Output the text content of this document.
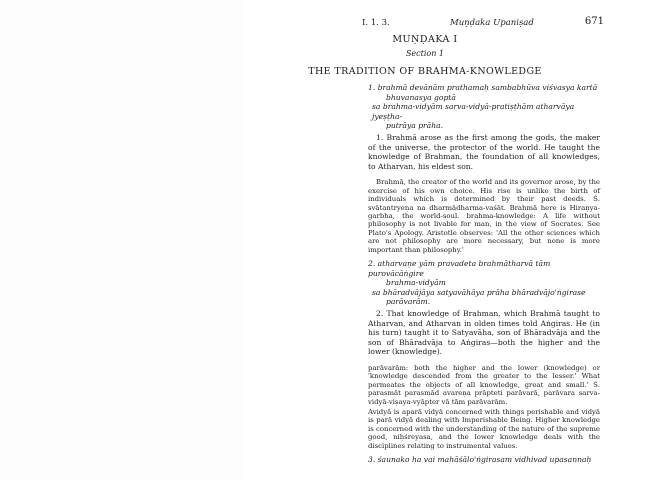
I. 1. 3.	Muṇḍaka Upaniṣad	671
MUṆḌAKA I
Section 1
THE TRADITION OF BRAHMA-KNOWLEDGE
1. brahmā devānām prathamaḥ sambabhūva viśvasya kartā
bhuvanasya goptā
sa brahma-vidyām sarva-vidyā-pratiṣṭhām atharvāya jyeṣṭha-
putrāya prāha.
1. Brahmā arose as the first among the gods, the maker of the universe, the protector of the world. He taught the knowledge of Brahman, the foundation of all knowledges, to Atharvan, his eldest son.
Brahmā, the creator of the world and its governor arose, by the exercise of his own choice. His rise is unlike the birth of individuals which is determined by their past deeds. Ś. svātantryeṇa na dharmādharma-vaśāt. Brahmā here is Hiraṇya-garbha, the world-soul. brahma-knowledge: A life without philosophy is not livable for man, in the view of Socrates. See Plato's Apology. Aristotle observes: 'All the other sciences which are not philosophy are more necessary, but none is more important than philosophy.'
2. atharvaṇe yām pravadeta brahmātharvā tām purovācāṅgire
brahma-vidyām
sa bhāradvājāya satyavāhāya prāha bhāradvājo'ṅgirase
parāvarām.
2. That knowledge of Brahman, which Brahmā taught to Atharvan, and Atharvan in olden times told Aṅgiras. He (in his turn) taught it to Satyavāha, son of Bhāradvāja and the son of Bhāradvāja to Aṅgiras—both the higher and the lower (knowledge).
parāvarām: both the higher and the lower (knowledge) or 'knowledge descended from the greater to the lesser.' What permeates the objects of all knowledge, great and small.' Ś. parasmāt parasmād avareṇa prāpteti parāvarā, parāvara sarva-vidyā-viṣaya-vyāpter vā tām parāvarām.
Avidyā is aparā vidyā concerned with things perishable and vidyā is parā vidyā dealing with Imperishable Being. Higher knowledge is concerned with the understanding of the nature of the supreme good, niḥśreyasa, and the lower knowledge deals with the disciplines relating to instrumental values.
3. śaunako ha vai mahāśālo'ṅgirasam vidhivad upasannaḥ
